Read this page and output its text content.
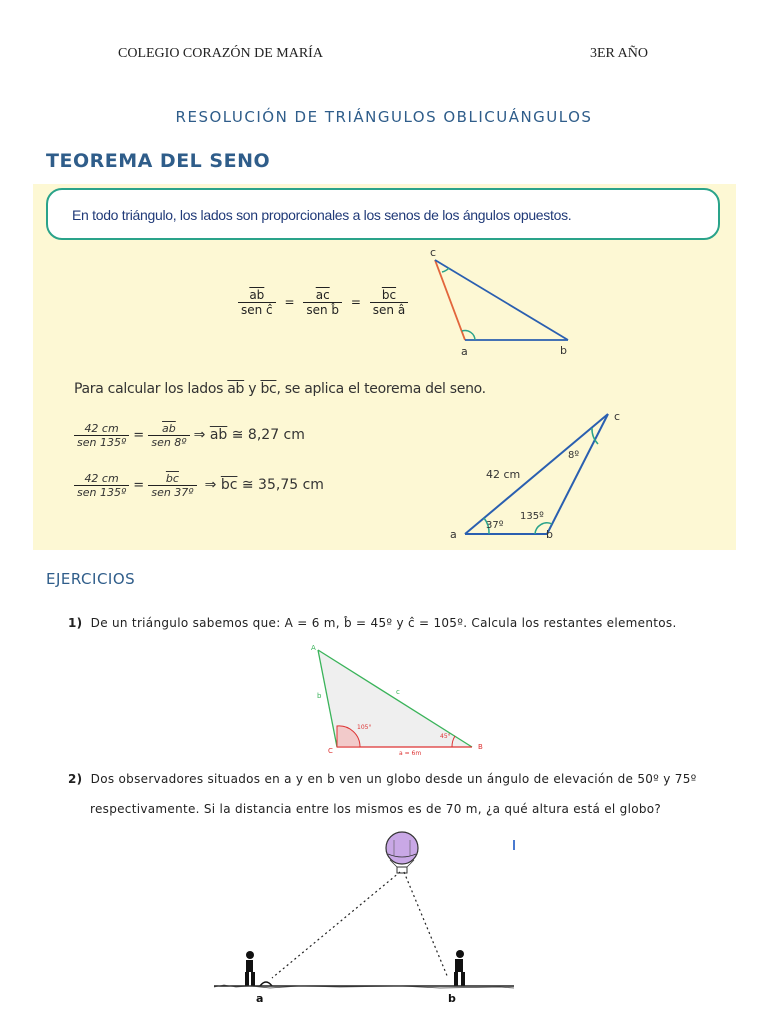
COLEGIO CORAZÓN DE MARÍA	3ER AÑO
RESOLUCIÓN DE TRIÁNGULOS OBLICUÁNGULOS
TEOREMA DEL SENO
En todo triángulo, los lados son proporcionales a los senos de los ángulos opuestos.
$\frac{\overline{ab}}{\text{sen ĉ}} = \frac{\overline{ac}}{\text{sen b̂}} = \frac{\overline{bc}}{\text{sen â}}$
c
a	b
Para calcular los lados $\overline{ab}$ y $\overline{bc}$, se aplica el teorema del seno.
$\frac{42 cm}{\text{sen 135º}} = \frac{\overline{ab}}{\text{sen 8º}}$ ⇒ $\overline{ab}$ ≅ 8,27 cm
$\frac{42 cm}{\text{sen 135º}} = \frac{\overline{bc}}{\text{sen 37º}}$ ⇒ $\overline{bc}$ ≅ 35,75 cm
c
a	b
42 cm
8º
135º
37º
EJERCICIOS
1) De un triángulo sabemos que: A = 6 m, b̂ = 45º y ĉ = 105º. Calcula los restantes elementos.
A
B
C
b	c
a = 6m
105°
45°
2) Dos observadores situados en a y en b ven un globo desde un ángulo de elevación de 50º y 75º
respectivamente. Si la distancia entre los mismos es de 70 m, ¿a qué altura está el globo?
a	b
